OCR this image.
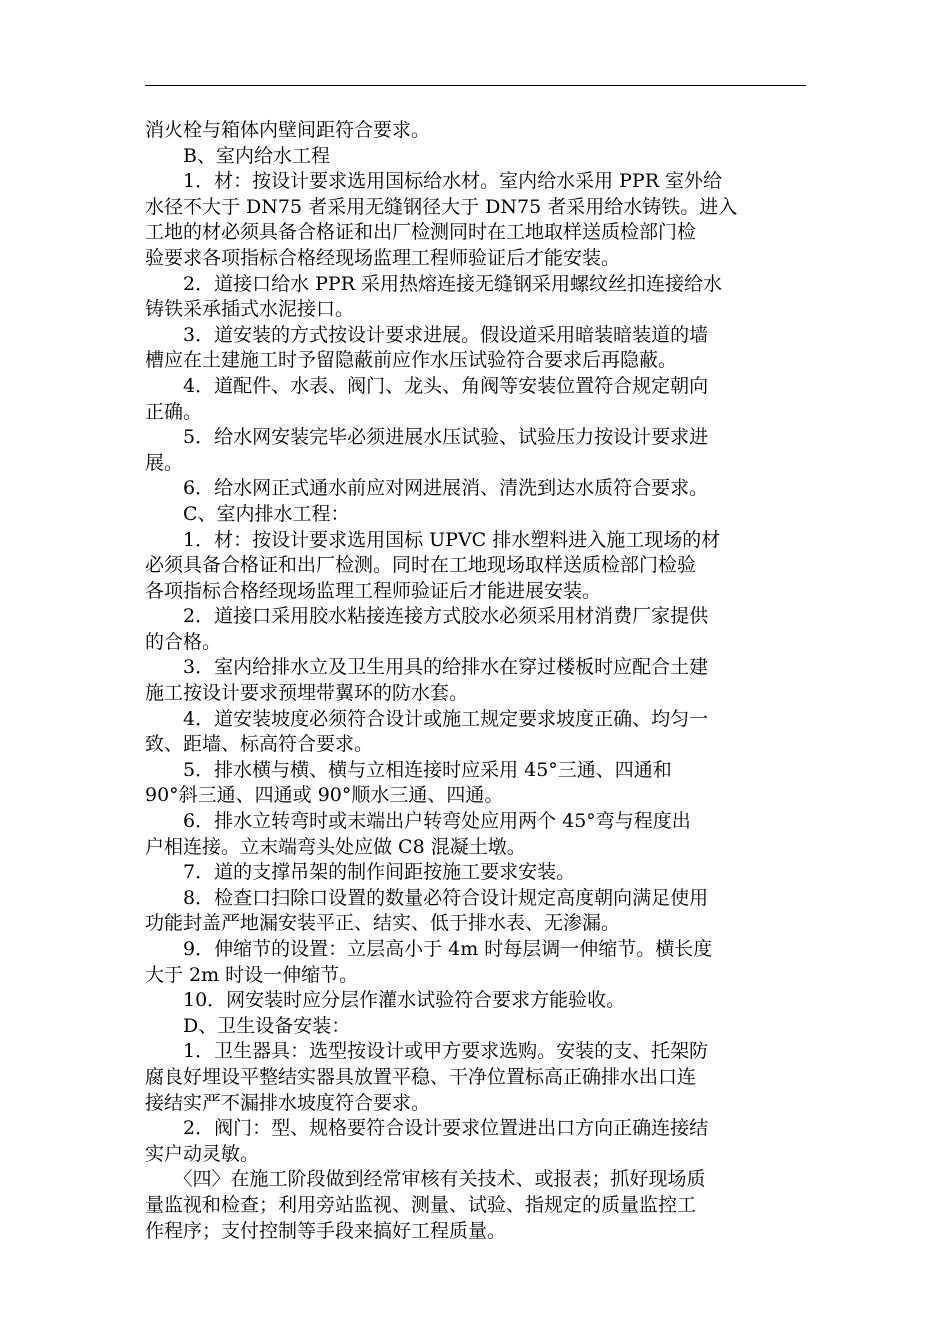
消火栓与箱体内壁间距符合要求。
　　B、室内给水工程
　　1．材：按设计要求选用国标给水材。室内给水采用 PPR 室外给
水径不大于 DN75 者采用无缝钢径大于 DN75 者采用给水铸铁。进入
工地的材必须具备合格证和出厂检测同时在工地取样送质检部门检
验要求各项指标合格经现场监理工程师验证后才能安装。
　　2．道接口给水 PPR 采用热熔连接无缝钢采用螺纹丝扣连接给水
铸铁采承插式水泥接口。
　　3．道安装的方式按设计要求进展。假设道采用暗装暗装道的墙
槽应在土建施工时予留隐蔽前应作水压试验符合要求后再隐蔽。
　　4．道配件、水表、阀门、龙头、角阀等安装位置符合规定朝向
正确。
　　5．给水网安装完毕必须进展水压试验、试验压力按设计要求进
展。
　　6．给水网正式通水前应对网进展消、清洗到达水质符合要求。
　　C、室内排水工程：
　　1．材：按设计要求选用国标 UPVC 排水塑料进入施工现场的材
必须具备合格证和出厂检测。同时在工地现场取样送质检部门检验
各项指标合格经现场监理工程师验证后才能进展安装。
　　2．道接口采用胶水粘接连接方式胶水必须采用材消费厂家提供
的合格。
　　3．室内给排水立及卫生用具的给排水在穿过楼板时应配合土建
施工按设计要求预埋带翼环的防水套。
　　4．道安装坡度必须符合设计或施工规定要求坡度正确、均匀一
致、距墙、标高符合要求。
　　5．排水横与横、横与立相连接时应采用 45°三通、四通和
90°斜三通、四通或 90°顺水三通、四通。
　　6．排水立转弯时或末端出户转弯处应用两个 45°弯与程度出
户相连接。立末端弯头处应做 C8 混凝土墩。
　　7．道的支撑吊架的制作间距按施工要求安装。
　　8．检查口扫除口设置的数量必符合设计规定高度朝向满足使用
功能封盖严地漏安装平正、结实、低于排水表、无渗漏。
　　9．伸缩节的设置：立层高小于 4m 时每层调一伸缩节。横长度
大于 2m 时设一伸缩节。
　　10．网安装时应分层作灌水试验符合要求方能验收。
　　D、卫生设备安装：
　　1．卫生器具：选型按设计或甲方要求选购。安装的支、托架防
腐良好埋设平整结实器具放置平稳、干净位置标高正确排水出口连
接结实严不漏排水坡度符合要求。
　　2．阀门：型、规格要符合设计要求位置进出口方向正确连接结
实户动灵敏。
　　〈四〉在施工阶段做到经常审核有关技术、或报表；抓好现场质
量监视和检查；利用旁站监视、测量、试验、指规定的质量监控工
作程序；支付控制等手段来搞好工程质量。
